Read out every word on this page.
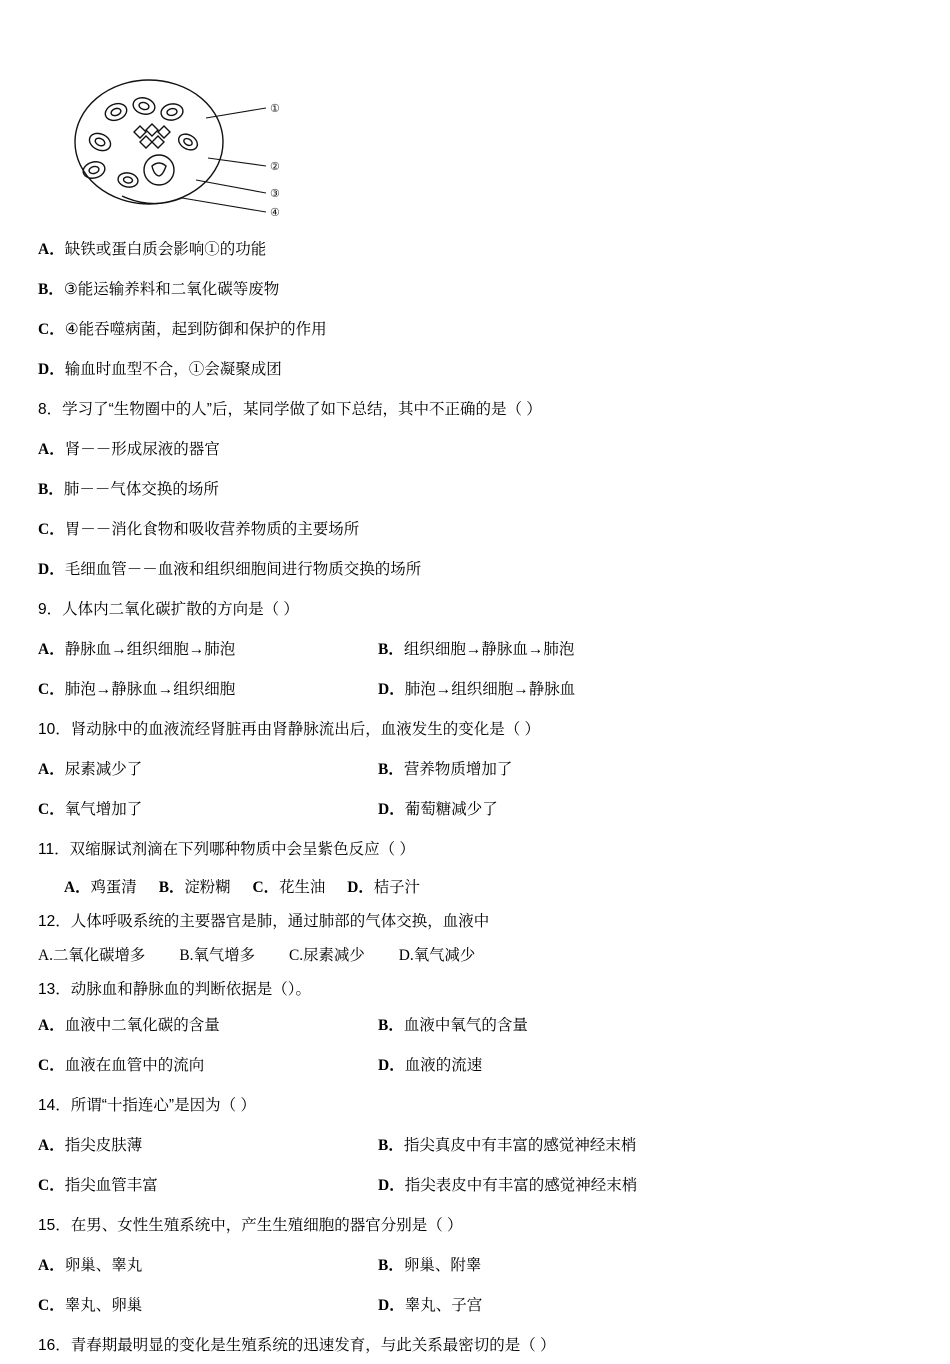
①
②
③
④
A．缺铁或蛋白质会影响①的功能
B．③能运输养料和二氧化碳等废物
C．④能吞噬病菌，起到防御和保护的作用
D．输血时血型不合，①会凝聚成团
8．学习了“生物圈中的人”后，某同学做了如下总结，其中不正确的是（ ）
A．肾－－形成尿液的器官
B．肺－－气体交换的场所
C．胃－－消化食物和吸收营养物质的主要场所
D．毛细血管－－血液和组织细胞间进行物质交换的场所
9．人体内二氧化碳扩散的方向是（ ）
A．静脉血→组织细胞→肺泡	B．组织细胞→静脉血→肺泡
C．肺泡→静脉血→组织细胞	D．肺泡→组织细胞→静脉血
10．肾动脉中的血液流经肾脏再由肾静脉流出后，血液发生的变化是（ ）
A．尿素减少了	B．营养物质增加了
C．氧气增加了	D．葡萄糖减少了
11．双缩脲试剂滴在下列哪种物质中会呈紫色反应（ ）
A．鸡蛋清 B．淀粉糊 C．花生油 D．桔子汁
12．人体呼吸系统的主要器官是肺，通过肺部的气体交换，血液中
A.二氧化碳增多 B.氧气增多 C.尿素减少 D.氧气减少
13．动脉血和静脉血的判断依据是（）。
A．血液中二氧化碳的含量	B．血液中氧气的含量
C．血液在血管中的流向	D．血液的流速
14．所谓“十指连心”是因为（ ）
A．指尖皮肤薄	B．指尖真皮中有丰富的感觉神经末梢
C．指尖血管丰富	D．指尖表皮中有丰富的感觉神经末梢
15．在男、女性生殖系统中，产生生殖细胞的器官分别是（ ）
A．卵巢、睾丸	B．卵巢、附睾
C．睾丸、卵巢	D．睾丸、子宫
16．青春期最明显的变化是生殖系统的迅速发育，与此关系最密切的是（ ）
